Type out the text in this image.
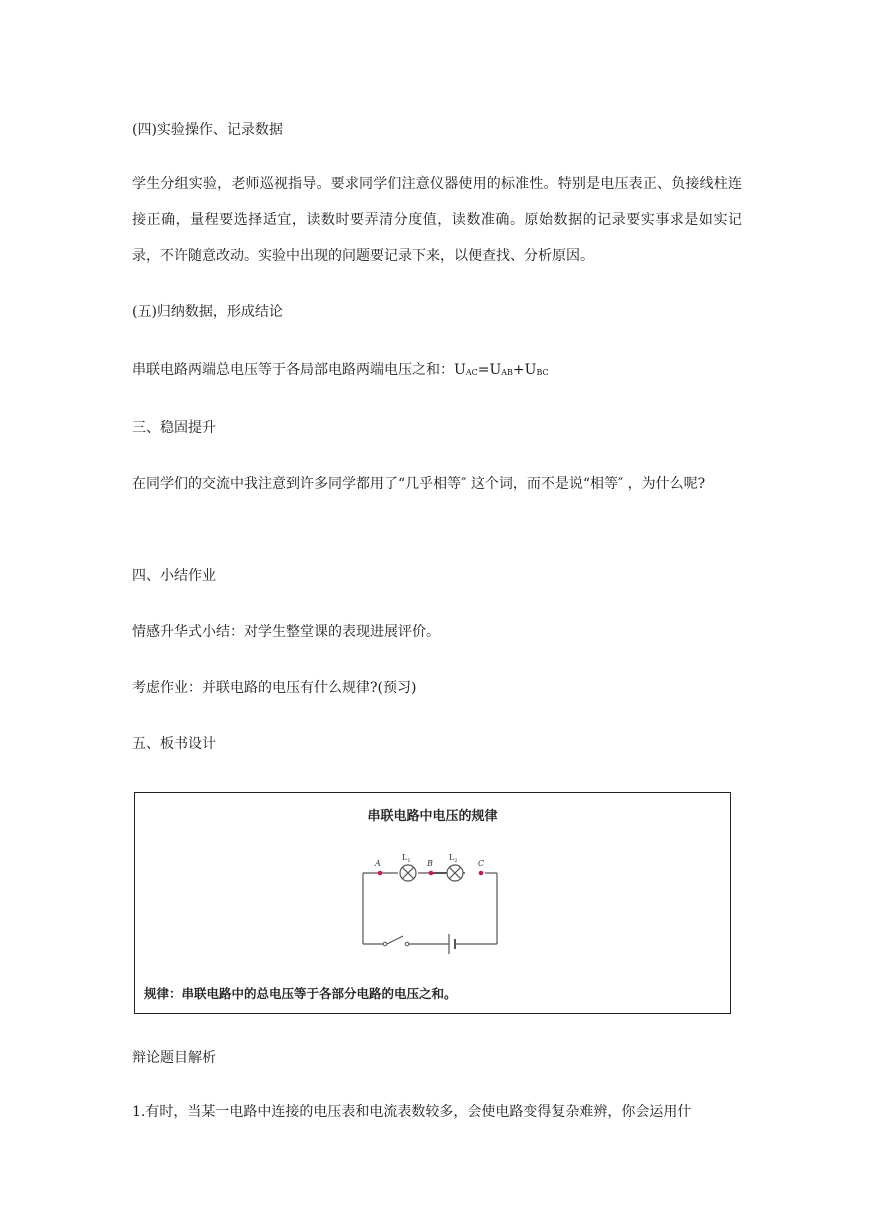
(四)实验操作、记录数据

学生分组实验，老师巡视指导。要求同学们注意仪器使用的标准性。特别是电压表正、负接线柱连接正确，量程要选择适宜，读数时要弄清分度值，读数准确。原始数据的记录要实事求是如实记录，不许随意改动。实验中出现的问题要记录下来，以便查找、分析原因。

(五)归纳数据，形成结论

串联电路两端总电压等于各局部电路两端电压之和：UAC=UAB+UBC

三、稳固提升

在同学们的交流中我注意到许多同学都用了“几乎相等″ 这个词，而不是说“相等″ ，为什么呢?

四、小结作业

情感升华式小结：对学生整堂课的表现进展评价。

考虑作业：并联电路的电压有什么规律?(预习)

五、板书设计

串联电路中电压的规律
A	B	C
$L_1$	$L_2$
规律：串联电路中的总电压等于各部分电路的电压之和。

辩论题目解析

1.有时，当某一电路中连接的电压表和电流表数较多，会使电路变得复杂难辨，你会运用什
